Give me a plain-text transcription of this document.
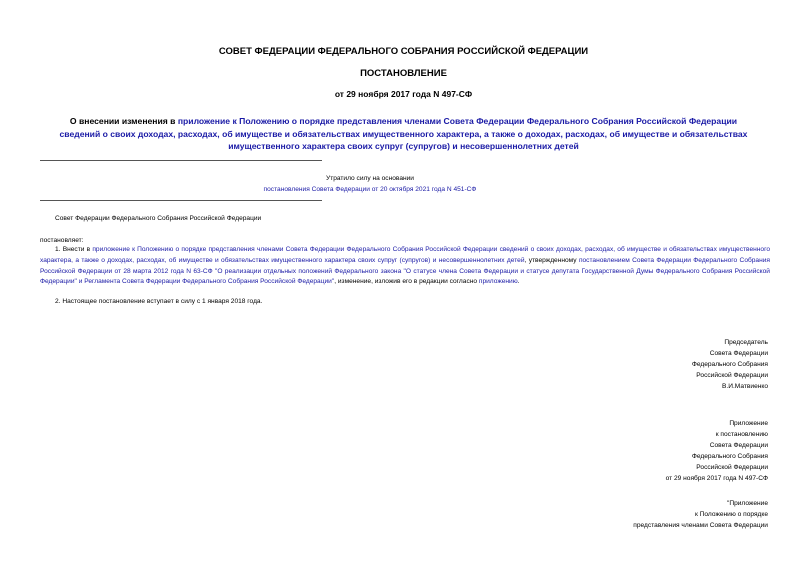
СОВЕТ ФЕДЕРАЦИИ ФЕДЕРАЛЬНОГО СОБРАНИЯ РОССИЙСКОЙ ФЕДЕРАЦИИ
ПОСТАНОВЛЕНИЕ
от 29 ноября 2017 года N 497-СФ
О внесении изменения в приложение к Положению о порядке представления членами Совета Федерации Федерального Собрания Российской Федерации
сведений о своих доходах, расходах, об имуществе и обязательствах имущественного характера, а также о доходах, расходах, об имуществе и обязательствах
имущественного характера своих супруг (супругов) и несовершеннолетних детей
Утратило силу на основании
постановления Совета Федерации от 20 октября 2021 года N 451-СФ
Совет Федерации Федерального Собрания Российской Федерации
постановляет:
1. Внести в приложение к Положению о порядке представления членами Совета Федерации Федерального Собрания Российской Федерации сведений о своих доходах, расходах, об имуществе и обязательствах имущественного характера, а также о доходах, расходах, об имуществе и обязательствах имущественного характера своих супруг (супругов) и несовершеннолетних детей, утвержденному постановлением Совета Федерации Федерального Собрания Российской Федерации от 28 марта 2012 года N 63-СФ "О реализации отдельных положений Федерального закона "О статусе члена Совета Федерации и статусе депутата Государственной Думы Федерального Собрания Российской Федерации" и Регламента Совета Федерации Федерального Собрания Российской Федерации", изменение, изложив его в редакции согласно приложению.
2. Настоящее постановление вступает в силу с 1 января 2018 года.
Председатель
Совета Федерации
Федерального Собрания
Российской Федерации
В.И.Матвиенко
Приложение
к постановлению
Совета Федерации
Федерального Собрания
Российской Федерации
от 29 ноября 2017 года N 497-СФ
"Приложение
к Положению о порядке
представления членами Совета Федерации
